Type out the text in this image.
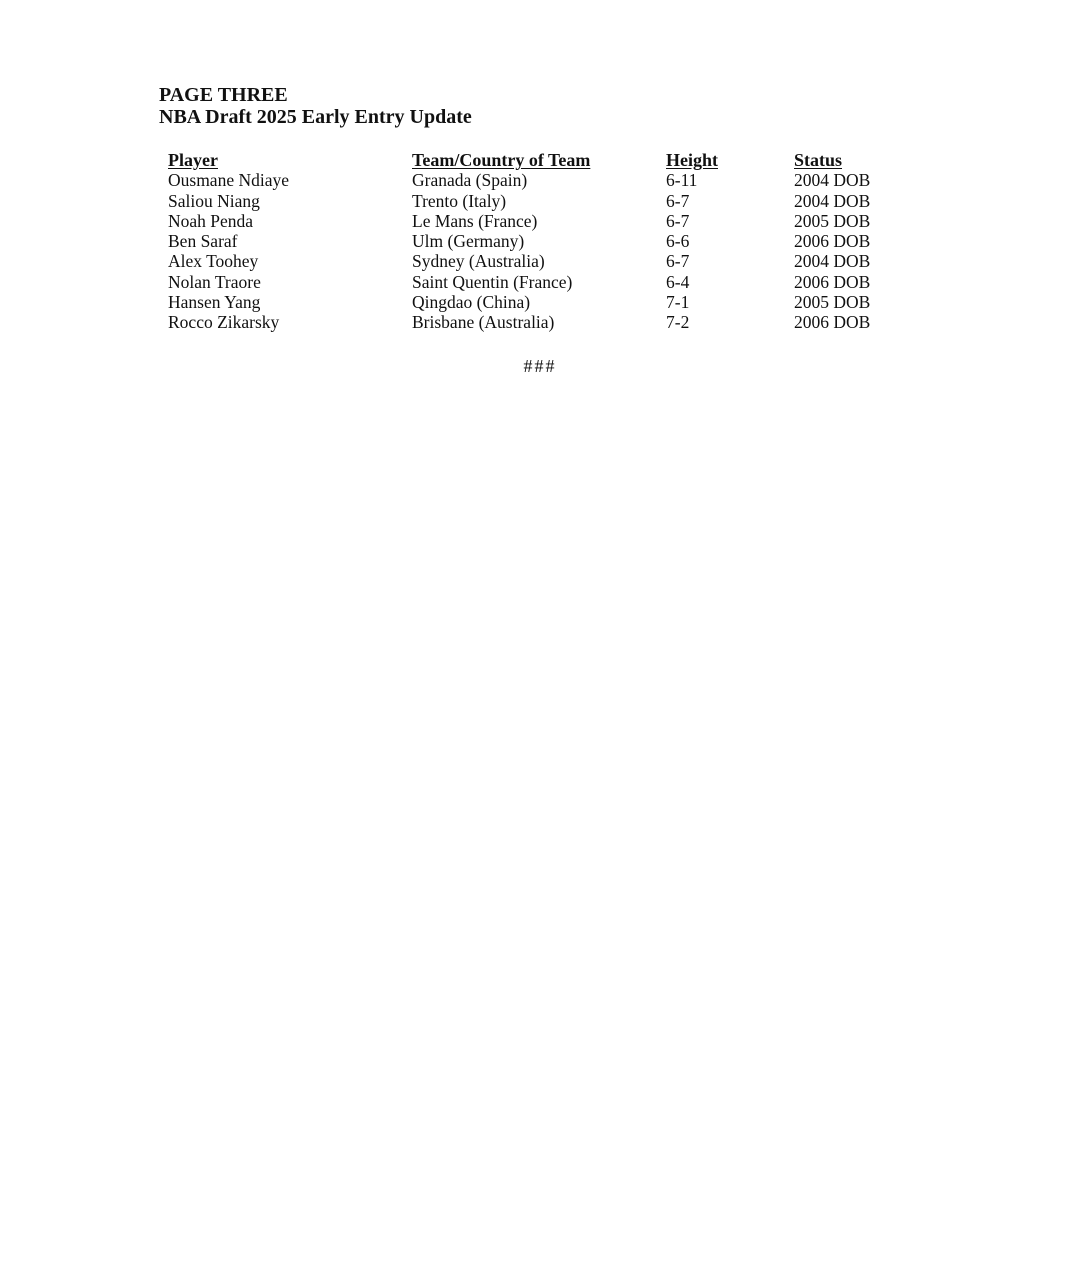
PAGE THREE
NBA Draft 2025 Early Entry Update
Player	Team/Country of Team	Height	Status
Ousmane Ndiaye	Granada (Spain)	6-11	2004 DOB
Saliou Niang	Trento (Italy)	6-7	2004 DOB
Noah Penda	Le Mans (France)	6-7	2005 DOB
Ben Saraf	Ulm (Germany)	6-6	2006 DOB
Alex Toohey	Sydney (Australia)	6-7	2004 DOB
Nolan Traore	Saint Quentin (France)	6-4	2006 DOB
Hansen Yang	Qingdao (China)	7-1	2005 DOB
Rocco Zikarsky	Brisbane (Australia)	7-2	2006 DOB
###
